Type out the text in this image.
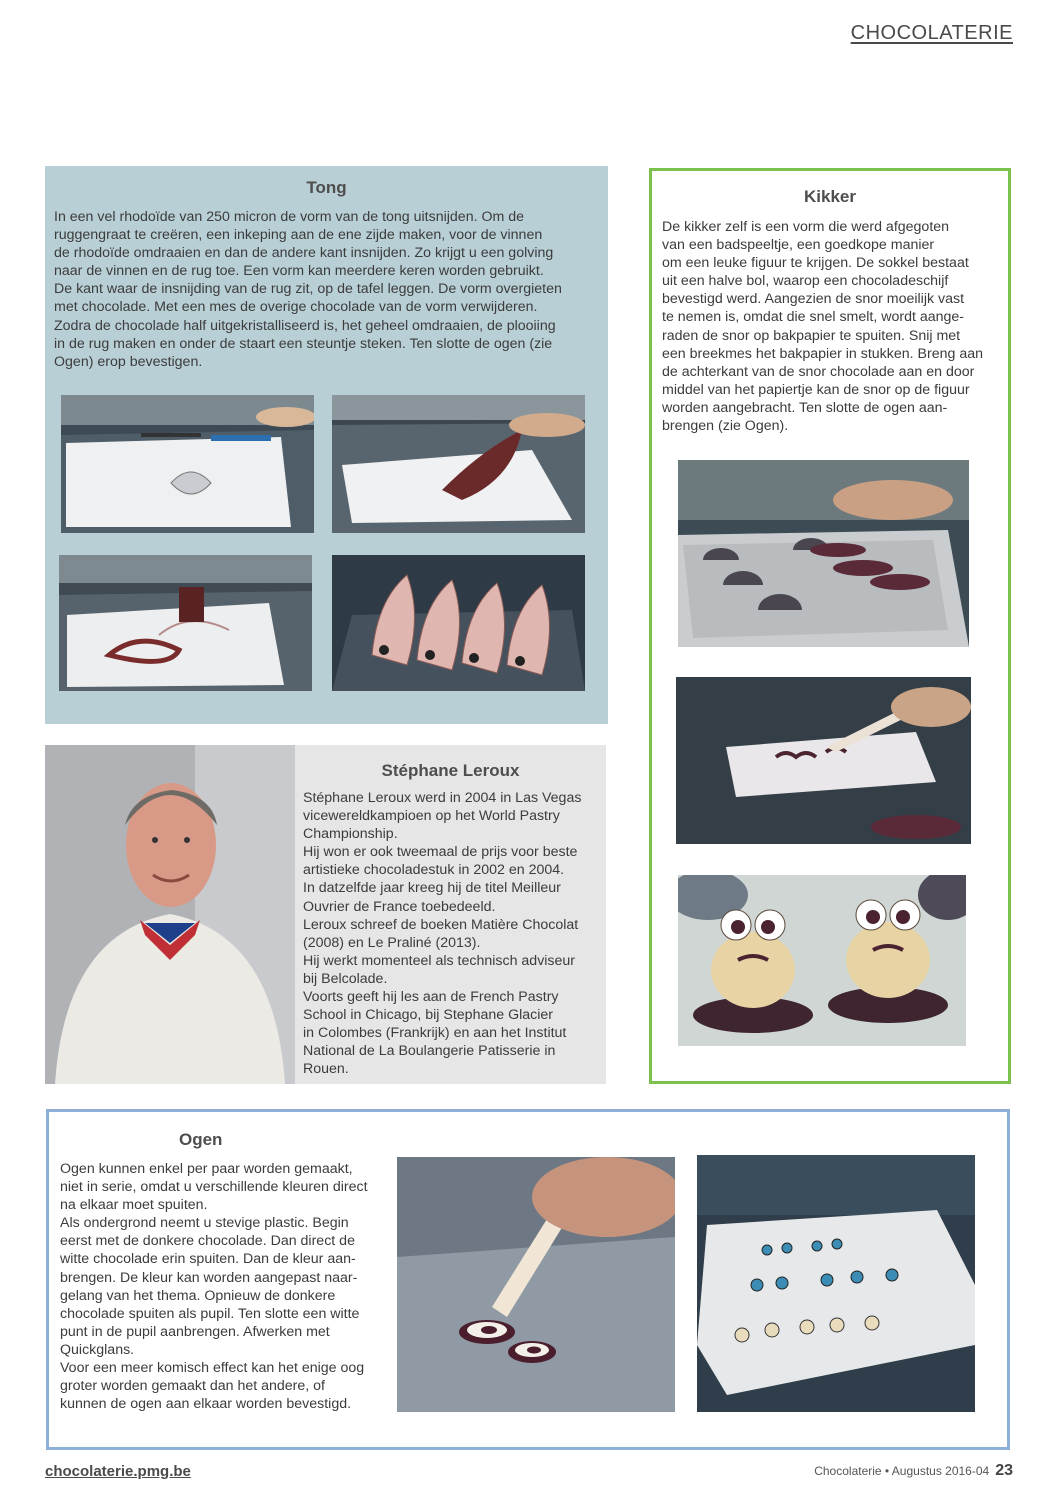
CHOCOLATERIE
Tong
In een vel rhodoïde van 250 micron de vorm van de tong uitsnijden. Om de
ruggengraat te creëren, een inkeping aan de ene zijde maken, voor de vinnen
de rhodoïde omdraaien en dan de andere kant insnijden. Zo krijgt u een golving
naar de vinnen en de rug toe. Een vorm kan meerdere keren worden gebruikt.
De kant waar de insnijding van de rug zit, op de tafel leggen. De vorm overgieten
met chocolade. Met een mes de overige chocolade van de vorm verwijderen.
Zodra de chocolade half uitgekristalliseerd is, het geheel omdraaien, de plooiing
in de rug maken en onder de staart een steuntje steken. Ten slotte de ogen (zie
Ogen) erop bevestigen.
Kikker
De kikker zelf is een vorm die werd afgegoten
van een badspeeltje, een goedkope manier
om een leuke figuur te krijgen. De sokkel bestaat
uit een halve bol, waarop een chocoladeschijf
bevestigd werd. Aangezien de snor moeilijk vast
te nemen is, omdat die snel smelt, wordt aange-
raden de snor op bakpapier te spuiten. Snij met
een breekmes het bakpapier in stukken. Breng aan
de achterkant van de snor chocolade aan en door
middel van het papiertje kan de snor op de figuur
worden aangebracht. Ten slotte de ogen aan-
brengen (zie Ogen).
Stéphane Leroux
Stéphane Leroux werd in 2004 in Las Vegas
vicewereldkampioen op het World Pastry
Championship.
Hij won er ook tweemaal de prijs voor beste
artistieke chocoladestuk in 2002 en 2004.
In datzelfde jaar kreeg hij de titel Meilleur
Ouvrier de France toebedeeld.
Leroux schreef de boeken Matière Chocolat
(2008) en Le Praliné (2013).
Hij werkt momenteel als technisch adviseur
bij Belcolade.
Voorts geeft hij les aan de French Pastry
School in Chicago, bij Stephane Glacier
in Colombes (Frankrijk) en aan het Institut
National de La Boulangerie Patisserie in
Rouen.
Ogen
Ogen kunnen enkel per paar worden gemaakt,
niet in serie, omdat u verschillende kleuren direct
na elkaar moet spuiten.
Als ondergrond neemt u stevige plastic. Begin
eerst met de donkere chocolade. Dan direct de
witte chocolade erin spuiten. Dan de kleur aan-
brengen. De kleur kan worden aangepast naar-
gelang van het thema. Opnieuw de donkere
chocolade spuiten als pupil. Ten slotte een witte
punt in de pupil aanbrengen. Afwerken met
Quickglans.
Voor een meer komisch effect kan het enige oog
groter worden gemaakt dan het andere, of
kunnen de ogen aan elkaar worden bevestigd.
chocolaterie.pmg.be	Chocolaterie • Augustus 2016-04 23
